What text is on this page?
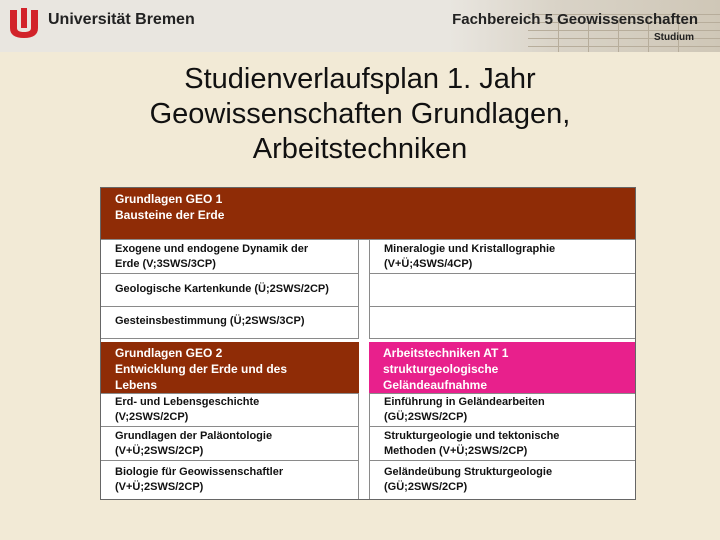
Universität Bremen	Fachbereich 5 Geowissenschaften
Studium
Studienverlaufsplan 1. Jahr
Geowissenschaften Grundlagen,
Arbeitstechniken
Grundlagen GEO 1
Bausteine der Erde
Exogene und endogene Dynamik der
Erde (V;3SWS/3CP)
Geologische Kartenkunde (Ü;2SWS/2CP)
Gesteinsbestimmung (Ü;2SWS/3CP)
Mineralogie und Kristallographie
(V+Ü;4SWS/4CP)
Grundlagen GEO 2
Entwicklung der Erde und des
Lebens
Arbeitstechniken AT 1
strukturgeologische
Geländeaufnahme
Erd- und Lebensgeschichte
(V;2SWS/2CP)
Grundlagen der Paläontologie
(V+Ü;2SWS/2CP)
Biologie für Geowissenschaftler
(V+Ü;2SWS/2CP)
Einführung in Geländearbeiten
(GÜ;2SWS/2CP)
Strukturgeologie und tektonische
Methoden (V+Ü;2SWS/2CP)
Geländeübung Strukturgeologie
(GÜ;2SWS/2CP)
